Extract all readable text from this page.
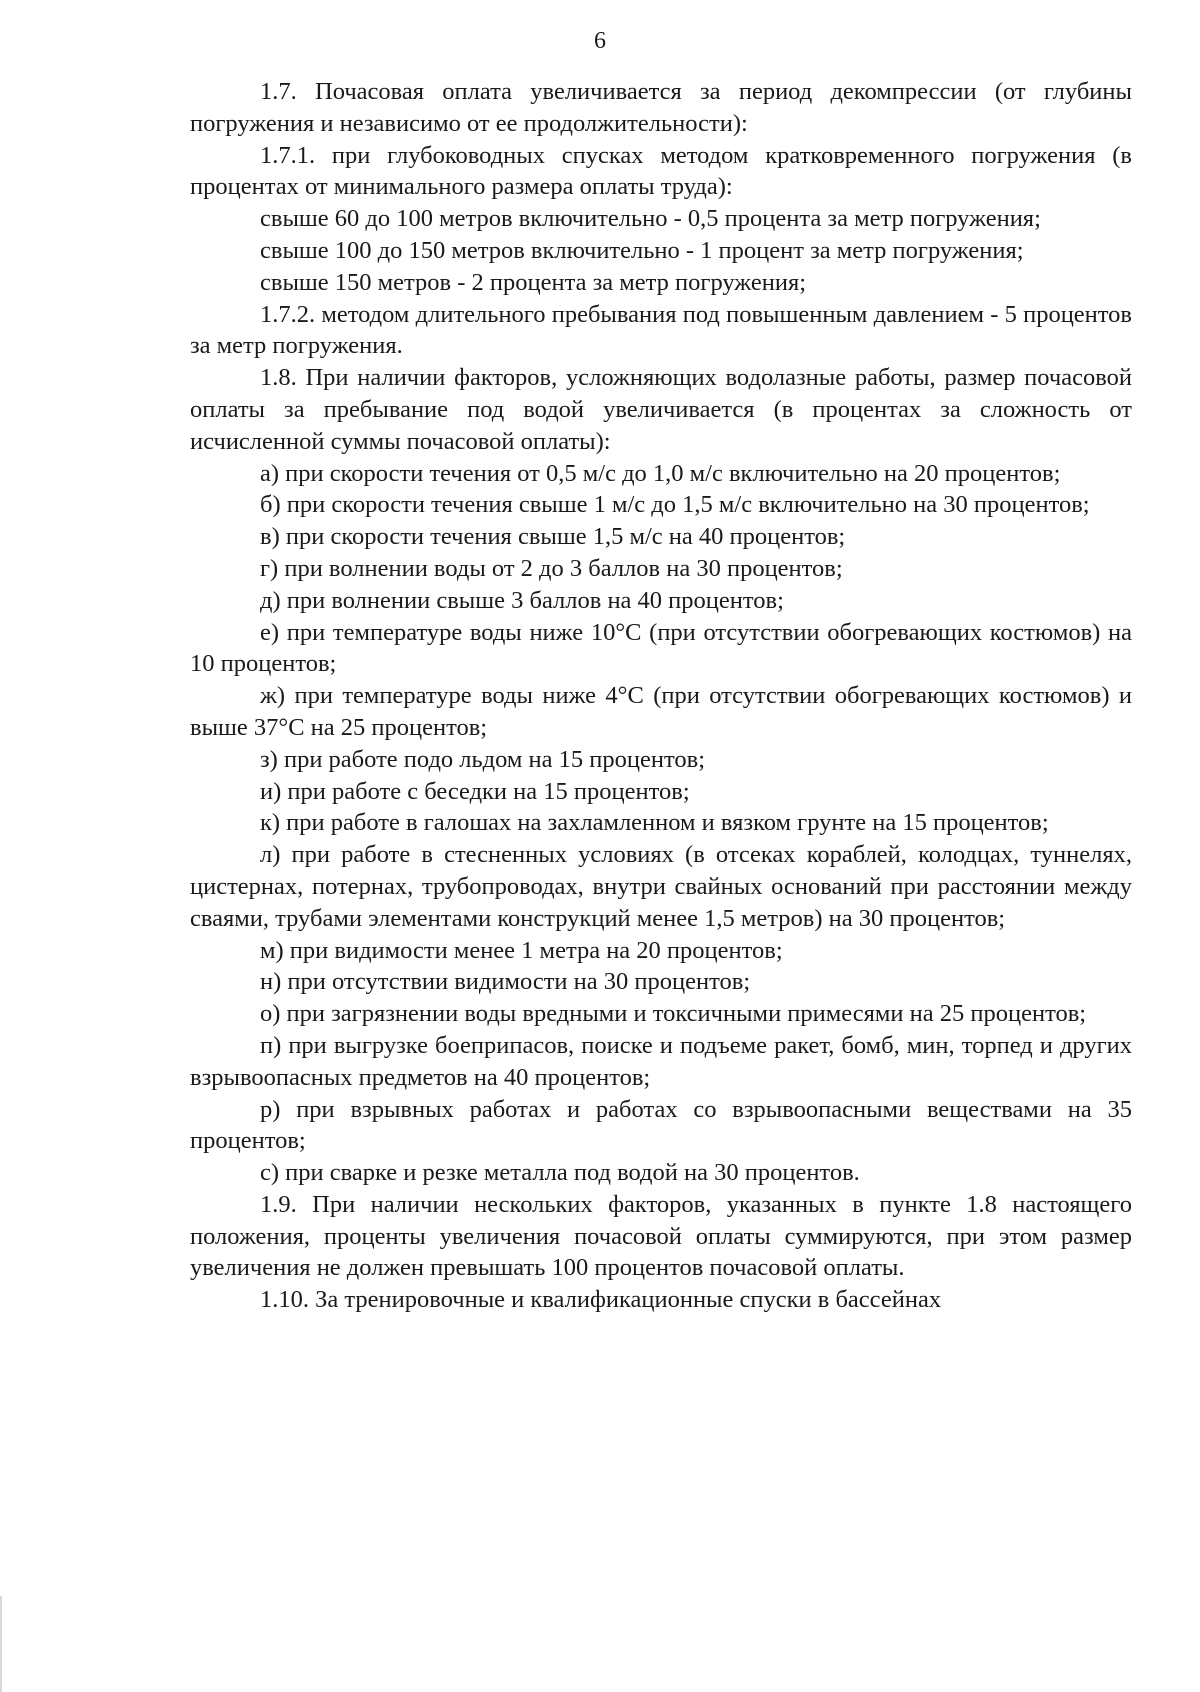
6

1.7. Почасовая оплата увеличивается за период декомпрессии (от глубины погружения и независимо от ее продолжительности):

1.7.1. при глубоководных спусках методом кратковременного погружения (в процентах от минимального размера оплаты труда):

свыше 60 до 100 метров включительно - 0,5 процента за метр погружения;

свыше 100 до 150 метров включительно - 1 процент за метр погружения;

свыше 150 метров - 2 процента за метр погружения;

1.7.2. методом длительного пребывания под повышенным давлением - 5 процентов за метр погружения.

1.8. При наличии факторов, усложняющих водолазные работы, размер почасовой оплаты за пребывание под водой увеличивается (в процентах за сложность от исчисленной суммы почасовой оплаты):

а) при скорости течения от 0,5 м/с до 1,0 м/с включительно на 20 процентов;

б) при скорости течения свыше 1 м/с до 1,5 м/с включительно на 30 процентов;

в) при скорости течения свыше 1,5 м/с на 40 процентов;

г) при волнении воды от 2 до 3 баллов на 30 процентов;

д) при волнении свыше 3 баллов на 40 процентов;

е) при температуре воды ниже 10°С (при отсутствии обогревающих костюмов) на 10 процентов;

ж) при температуре воды ниже 4°С (при отсутствии обогревающих костюмов) и выше 37°С на 25 процентов;

з) при работе подо льдом на 15 процентов;

и) при работе с беседки на 15 процентов;

к) при работе в галошах на захламленном и вязком грунте на 15 процентов;

л) при работе в стесненных условиях (в отсеках кораблей, колодцах, туннелях, цистернах, потернах, трубопроводах, внутри свайных оснований при расстоянии между сваями, трубами элементами конструкций менее 1,5 метров) на 30 процентов;

м) при видимости менее 1 метра на 20 процентов;

н) при отсутствии видимости на 30 процентов;

о) при загрязнении воды вредными и токсичными примесями на 25 процентов;

п) при выгрузке боеприпасов, поиске и подъеме ракет, бомб, мин, торпед и других взрывоопасных предметов на 40 процентов;

р) при взрывных работах и работах со взрывоопасными веществами на 35 процентов;

с) при сварке и резке металла под водой на 30 процентов.

1.9. При наличии нескольких факторов, указанных в пункте 1.8 настоящего положения, проценты увеличения почасовой оплаты суммируются, при этом размер увеличения не должен превышать 100 процентов почасовой оплаты.

1.10. За тренировочные и квалификационные спуски в бассейнах
